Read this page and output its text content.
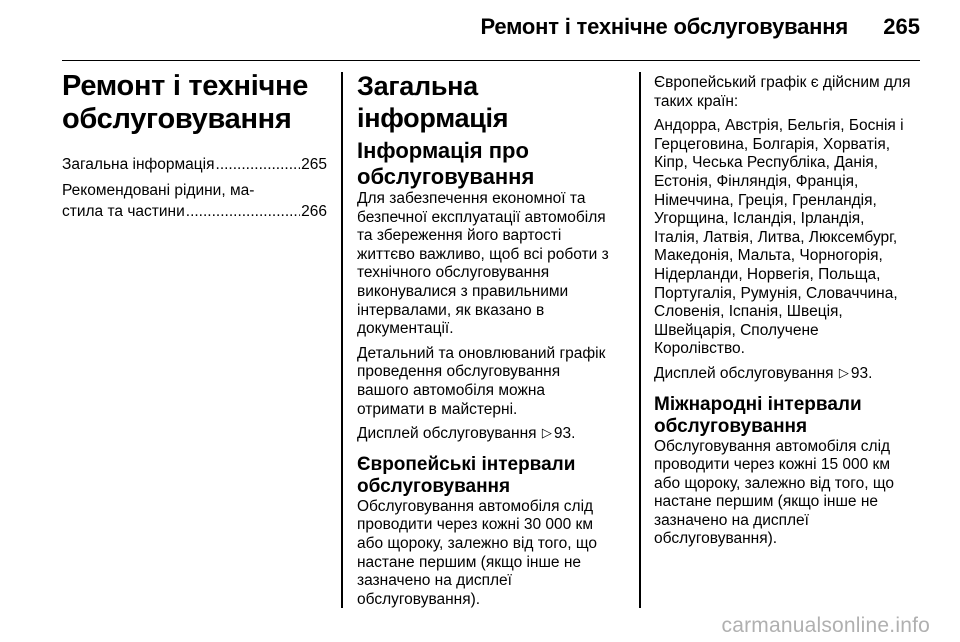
Ремонт і технічне обслуговування 265
Ремонт і технічне
обслуговування
Загальна інформація .....	265
Рекомендовані рідини, ма-
стила та частини .....	266
Загальна інформація
Інформація про
обслуговування

Для забезпечення економної та
безпечної експлуатації автомобіля
та збереження його вартості
життєво важливо, щоб всі роботи з
технічного обслуговування
виконувалися з правильними
інтервалами, як вказано в
документації.

Детальний та оновлюваний графік
проведення обслуговування
вашого автомобіля можна
отримати в майстерні.

Дисплей обслуговування ▷ 93.

Європейські інтервали
обслуговування

Обслуговування автомобіля слід
проводити через кожні 30 000 км
або щороку, залежно від того, що
настане першим (якщо інше не
зазначено на дисплеї
обслуговування).

Європейський графік є дійсним для
таких країн:

Андорра, Австрія, Бельгія, Боснія і
Герцеговина, Болгарія, Хорватія,
Кіпр, Чеська Республіка, Данія,
Естонія, Фінляндія, Франція,
Німеччина, Греція, Гренландія,
Угорщина, Ісландія, Ірландія,
Італія, Латвія, Литва, Люксембург,
Македонія, Мальта, Чорногорія,
Нідерланди, Норвегія, Польща,
Португалія, Румунія, Словаччина,
Словенія, Іспанія, Швеція,
Швейцарія, Сполучене
Королівство.

Дисплей обслуговування ▷ 93.

Міжнародні інтервали
обслуговування

Обслуговування автомобіля слід
проводити через кожні 15 000 км
або щороку, залежно від того, що
настане першим (якщо інше не
зазначено на дисплеї
обслуговування).

carmanualsonline.info
